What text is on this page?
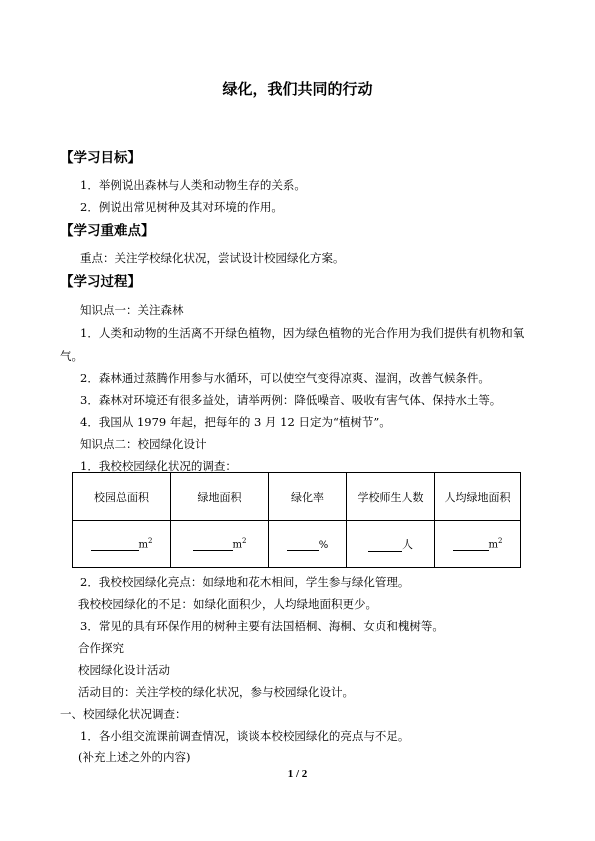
绿化，我们共同的行动
【学习目标】
1．举例说出森林与人类和动物生存的关系。
2．例说出常见树种及其对环境的作用。
【学习重难点】
重点：关注学校绿化状况，尝试设计校园绿化方案。
【学习过程】
知识点一：关注森林
1．人类和动物的生活离不开绿色植物，因为绿色植物的光合作用为我们提供有机物和氧
气。
2．森林通过蒸腾作用参与水循环，可以使空气变得凉爽、湿润，改善气候条件。
3．森林对环境还有很多益处，请举两例：降低噪音、吸收有害气体、保持水土等。
4．我国从 1979 年起，把每年的 3 月 12 日定为“植树节”。
知识点二：校园绿化设计
1．我校校园绿化状况的调查：
校园总面积	绿地面积	绿化率	学校师生人数	人均绿地面积
$m^2$	$m^2$	%	人	$m^2$
2．我校校园绿化亮点：如绿地和花木相间，学生参与绿化管理。
我校校园绿化的不足：如绿化面积少，人均绿地面积更少。
3．常见的具有环保作用的树种主要有法国梧桐、海桐、女贞和槐树等。
合作探究
校园绿化设计活动
活动目的：关注学校的绿化状况，参与校园绿化设计。
一、校园绿化状况调查：
1．各小组交流课前调查情况，谈谈本校校园绿化的亮点与不足。
(补充上述之外的内容)
1 / 2
